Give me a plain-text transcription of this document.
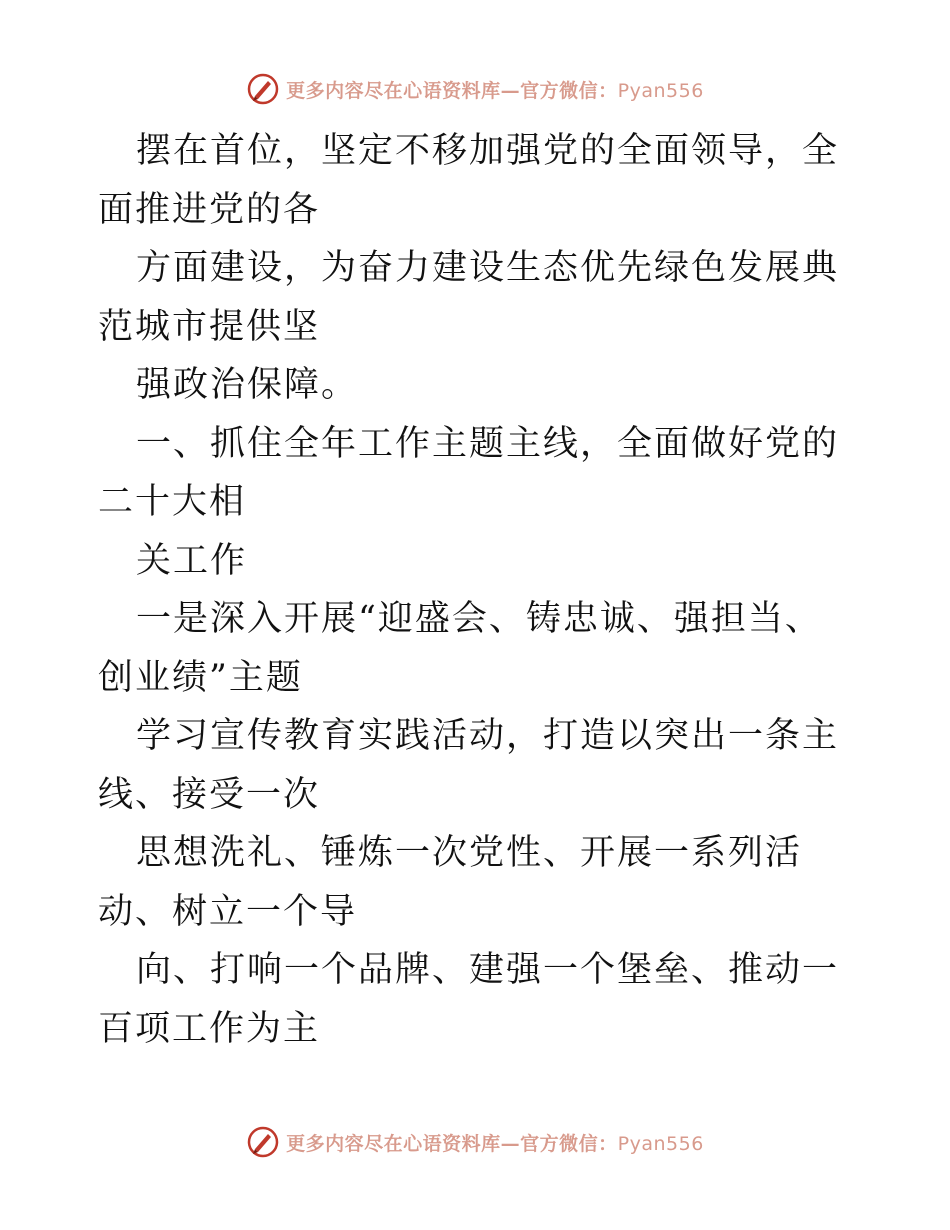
更多内容尽在心语资料库—官方微信：Pyan556

摆在首位，坚定不移加强党的全面领导，全面推进党的各

方面建设，为奋力建设生态优先绿色发展典范城市提供坚

强政治保障。

一、抓住全年工作主题主线，全面做好党的二十大相

关工作

一是深入开展“迎盛会、铸忠诚、强担当、创业绩”主题

学习宣传教育实践活动，打造以突出一条主线、接受一次

思想洗礼、锤炼一次党性、开展一系列活动、树立一个导

向、打响一个品牌、建强一个堡垒、推动一百项工作为主

更多内容尽在心语资料库—官方微信：Pyan556
